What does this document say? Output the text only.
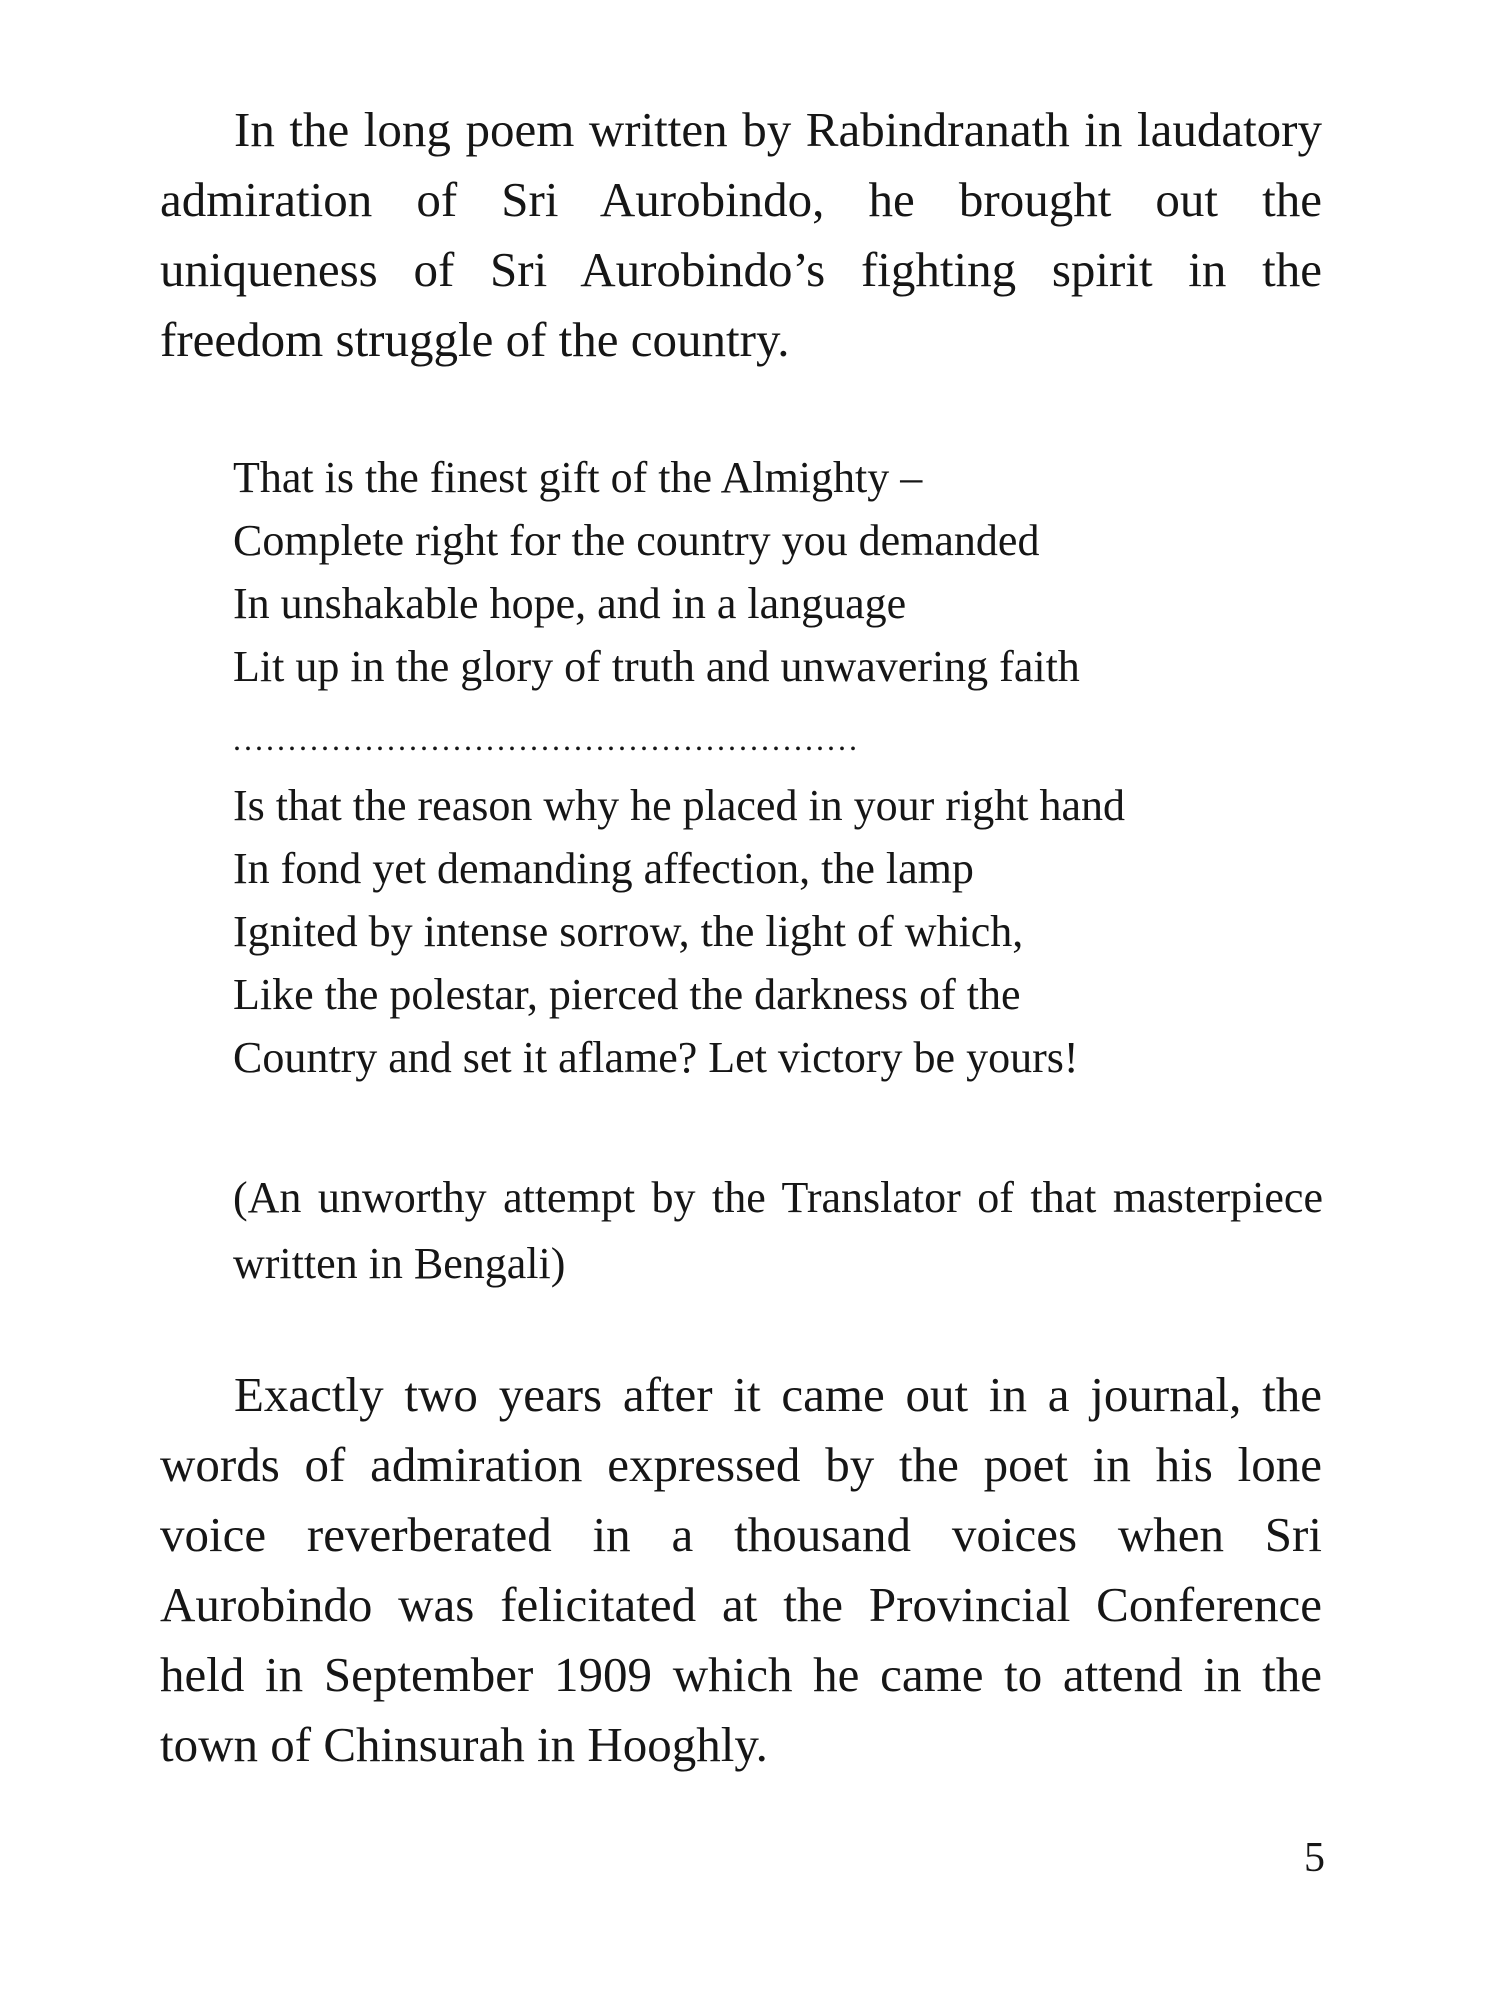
In the long poem written by Rabindranath in laudatory admiration of Sri Aurobindo, he brought out the uniqueness of Sri Aurobindo’s fighting spirit in the freedom struggle of the country.

That is the finest gift of the Almighty –
Complete right for the country you demanded
In unshakable hope, and in a language
Lit up in the glory of truth and unwavering faith
.........................................................
Is that the reason why he placed in your right hand
In fond yet demanding affection, the lamp
Ignited by intense sorrow, the light of which,
Like the polestar, pierced the darkness of the
Country and set it aflame? Let victory be yours!

(An unworthy attempt by the Translator of that masterpiece written in Bengali)

Exactly two years after it came out in a journal, the words of admiration expressed by the poet in his lone voice reverberated in a thousand voices when Sri Aurobindo was felicitated at the Provincial Conference held in September 1909 which he came to attend in the town of Chinsurah in Hooghly.

5
